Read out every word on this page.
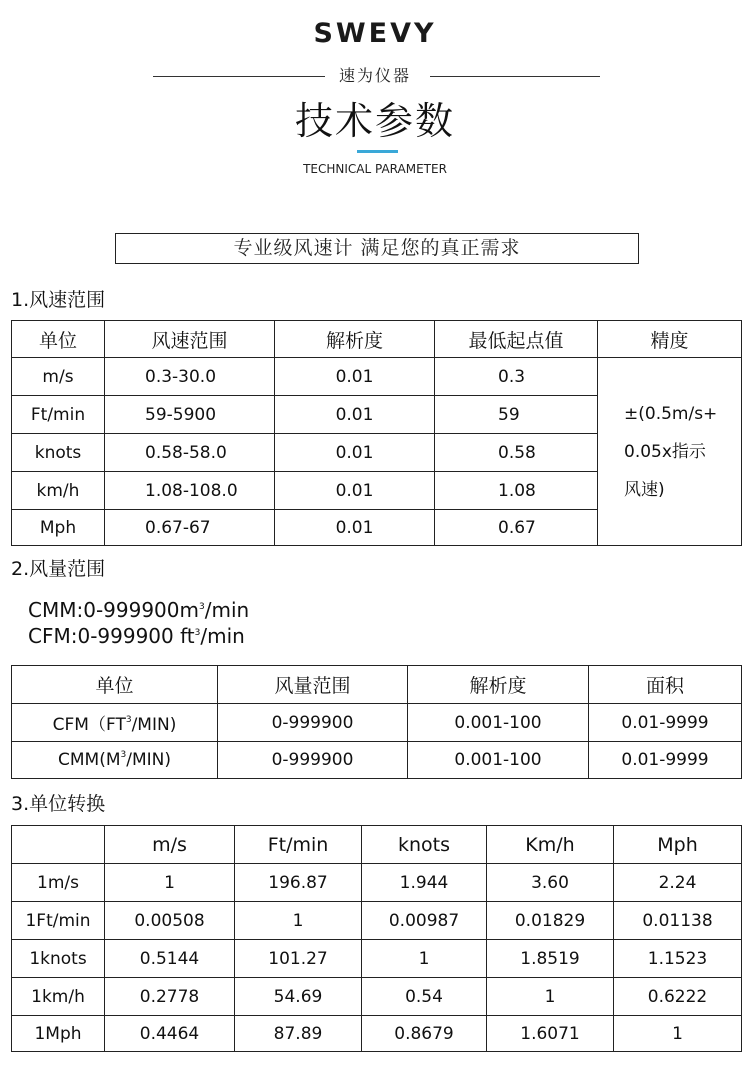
SWEVY
速为仪器
技术参数
TECHNICAL PARAMETER
专业级风速计 满足您的真正需求
1.风速范围
单位	风速范围	解析度	最低起点值	精度
m/s	0.3-30.0	0.01	0.3	±(0.5m/s+
0.05x指示
风速)

Ft/min	59-5900	0.01	59	
knots	0.58-58.0	0.01	0.58	
km/h	1.08-108.0	0.01	1.08	
Mph	0.67-67	0.01	0.67	
2.风量范围
$CMM:0-999900m^3/\min$
CFM:0-999900 $ft^3/\min$
单位	风量范围	解析度	面积
$CFM(FT^3/MIN)$	0-999900	0.001-100	0.01-9999
$CMM(M^3/MIN)$	0-999900	0.001-100	0.01-9999
3.单位转换
	m/s	Ft/min	knots	Km/h	Mph
1m/s	1	196.87	1.944	3.60	2.24
1Ft/min	0.00508	1	0.00987	0.01829	0.01138
1knots	0.5144	101.27	1	1.8519	1.1523
1km/h	0.2778	54.69	0.54	1	0.6222
1Mph	0.4464	87.89	0.8679	1.6071	1
